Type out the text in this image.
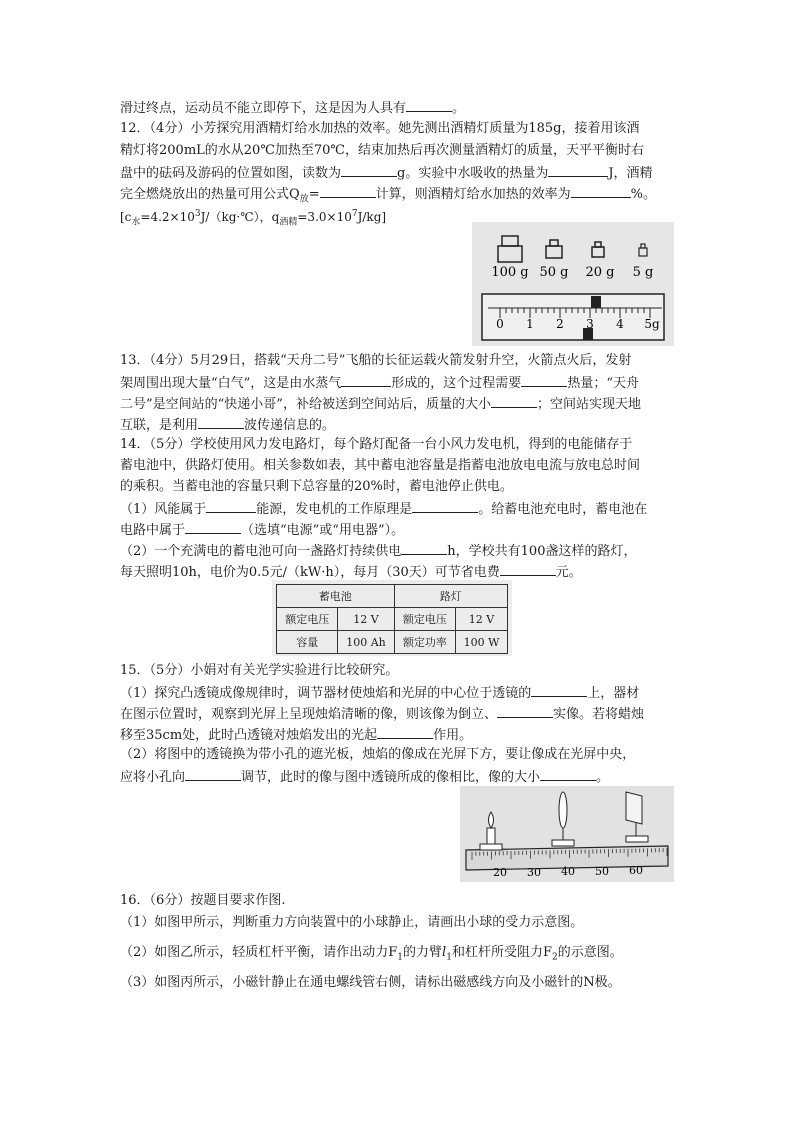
滑过终点，运动员不能立即停下，这是因为人具有	。
12．（4分）小芳探究用酒精灯给水加热的效率。她先测出酒精灯质量为185g，接着用该酒
精灯将200mL的水从20℃加热至70℃，结束加热后再次测量酒精灯的质量，天平平衡时右
盘中的砝码及游码的位置如图，读数为	g。实验中水吸收的热量为	J，酒精
完全燃烧放出的热量可用公式$Q_放=$	计算，则酒精灯给水加热的效率为	%。
[$c_水=4.2\times 10^3J/(kg\cdot℃)$，$q_{酒精}=3.0\times 10^7J/kg$]
100 g 50 g 20 g 5 g
0 1 2 3 4 5g
13．（4分）5月29日，搭载“天舟二号”飞船的长征运载火箭发射升空，火箭点火后，发射
架周围出现大量“白气”，这是由水蒸气	形成的，这个过程需要	热量；“天舟
二号”是空间站的“快递小哥”，补给被送到空间站后，质量的大小	；空间站实现天地
互联，是利用	波传递信息的。
14．（5分）学校使用风力发电路灯，每个路灯配备一台小风力发电机，得到的电能储存于
蓄电池中，供路灯使用。相关参数如表，其中蓄电池容量是指蓄电池放电电流与放电总时间
的乘积。当蓄电池的容量只剩下总容量的20%时，蓄电池停止供电。
（1）风能属于	能源，发电机的工作原理是	。给蓄电池充电时，蓄电池在
电路中属于	（选填“电源”或“用电器”）。
（2）一个充满电的蓄电池可向一盏路灯持续供电	h，学校共有100盏这样的路灯，
每天照明10h，电价为0.5元/（kW·h），每月（30天）可节省电费	元。
蓄电池		路灯	
额定电压	12 V	额定电压	12 V
容量	100 Ah	额定功率	100 W
15．（5分）小娟对有关光学实验进行比较研究。
（1）探究凸透镜成像规律时，调节器材使烛焰和光屏的中心位于透镜的	上，器材
在图示位置时，观察到光屏上呈现烛焰清晰的像，则该像为倒立、	实像。若将蜡烛
移至35cm处，此时凸透镜对烛焰发出的光起	作用。
（2）将图中的透镜换为带小孔的遮光板，烛焰的像成在光屏下方，要让像成在光屏中央，
应将小孔向	调节，此时的像与图中透镜所成的像相比，像的大小	。
20 30 40 50 60
16．（6分）按题目要求作图.
（1）如图甲所示，判断重力方向装置中的小球静止，请画出小球的受力示意图。
（2）如图乙所示，轻质杠杆平衡，请作出动力$F_1$的力臂$l_1$和杠杆所受阻力$F_2$的示意图。
（3）如图丙所示，小磁针静止在通电螺线管右侧，请标出磁感线方向及小磁针的N极。
